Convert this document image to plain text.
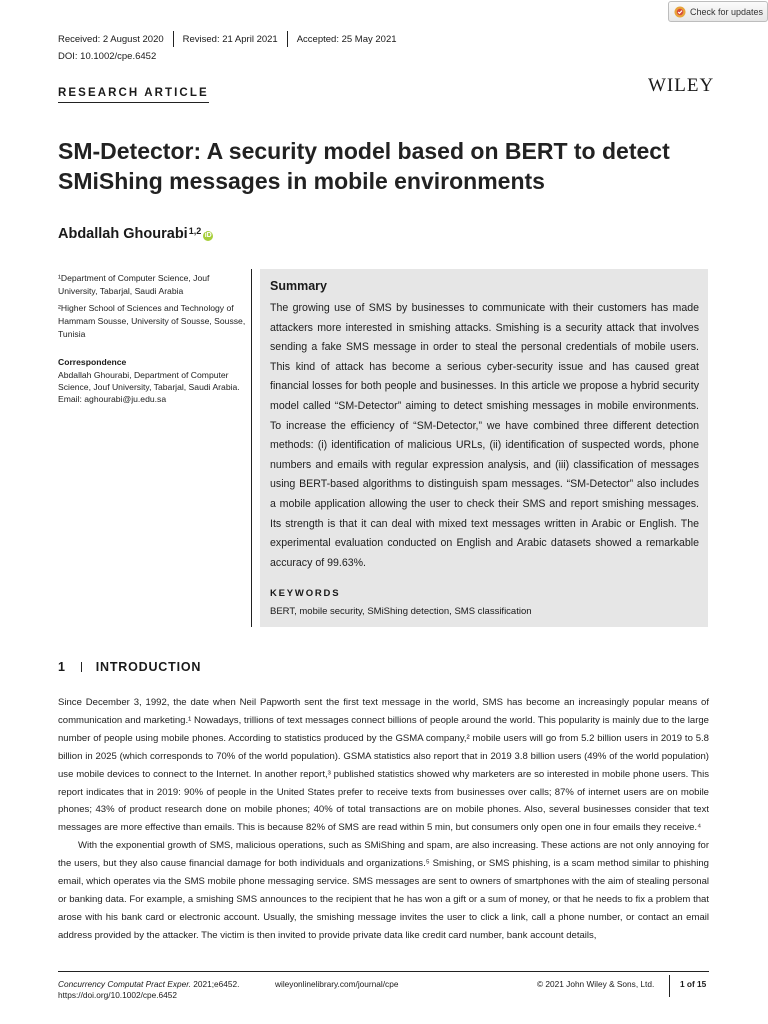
Check for updates
Received: 2 August 2020 Revised: 21 April 2021 Accepted: 25 May 2021
DOI: 10.1002/cpe.6452
RESEARCH ARTICLE	WILEY
SM-Detector: A security model based on BERT to detect SMiShing messages in mobile environments
Abdallah Ghourabi$^{1,2}$ iD
¹Department of Computer Science, Jouf University, Tabarjal, Saudi Arabia
²Higher School of Sciences and Technology of Hammam Sousse, University of Sousse, Sousse, Tunisia
Correspondence
Abdallah Ghourabi, Department of Computer Science, Jouf University, Tabarjal, Saudi Arabia. Email: aghourabi@ju.edu.sa
Summary
The growing use of SMS by businesses to communicate with their customers has made attackers more interested in smishing attacks. Smishing is a security attack that involves sending a fake SMS message in order to steal the personal credentials of mobile users. This kind of attack has become a serious cyber-security issue and has caused great financial losses for both people and businesses. In this article we propose a hybrid security model called “SM-Detector” aiming to detect smishing messages in mobile environments. To increase the efficiency of “SM-Detector,” we have combined three different detection methods: (i) identification of malicious URLs, (ii) identification of suspected words, phone numbers and emails with regular expression analysis, and (iii) classification of messages using BERT-based algorithms to distinguish spam messages. “SM-Detector” also includes a mobile application allowing the user to check their SMS and report smishing messages. Its strength is that it can deal with mixed text messages written in Arabic or English. The experimental evaluation conducted on English and Arabic datasets showed a remarkable accuracy of 99.63%.
KEYWORDS
BERT, mobile security, SMiShing detection, SMS classification
1 INTRODUCTION

Since December 3, 1992, the date when Neil Papworth sent the first text message in the world, SMS has become an increasingly popular means of communication and marketing.¹ Nowadays, trillions of text messages connect billions of people around the world. This popularity is mainly due to the large number of people using mobile phones. According to statistics produced by the GSMA company,² mobile users will go from 5.2 billion users in 2019 to 5.8 billion in 2025 (which corresponds to 70% of the world population). GSMA statistics also report that in 2019 3.8 billion users (49% of the world population) use mobile devices to connect to the Internet. In another report,³ published statistics showed why marketers are so interested in mobile phone users. This report indicates that in 2019: 90% of people in the United States prefer to receive texts from businesses over calls; 87% of internet users are on mobile phones; 43% of product research done on mobile phones; 40% of total transactions are on mobile phones. Also, several businesses consider that text messages are more effective than emails. This is because 82% of SMS are read within 5 min, but consumers only open one in four emails they receive.⁴

With the exponential growth of SMS, malicious operations, such as SMiShing and spam, are also increasing. These actions are not only annoying for the users, but they also cause financial damage for both individuals and organizations.⁵ Smishing, or SMS phishing, is a scam method similar to phishing email, which operates via the SMS mobile phone messaging service. SMS messages are sent to owners of smartphones with the aim of stealing personal or banking data. For example, a smishing SMS announces to the recipient that he has won a gift or a sum of money, or that he needs to fix a problem that arose with his bank card or electronic account. Usually, the smishing message invites the user to click a link, call a phone number, or contact an email address provided by the attacker. The victim is then invited to provide private data like credit card number, bank account details,

Concurrency Computat Pract Exper. 2021;e6452.
https://doi.org/10.1002/cpe.6452
wileyonlinelibrary.com/journal/cpe	© 2021 John Wiley & Sons, Ltd.	1 of 15
